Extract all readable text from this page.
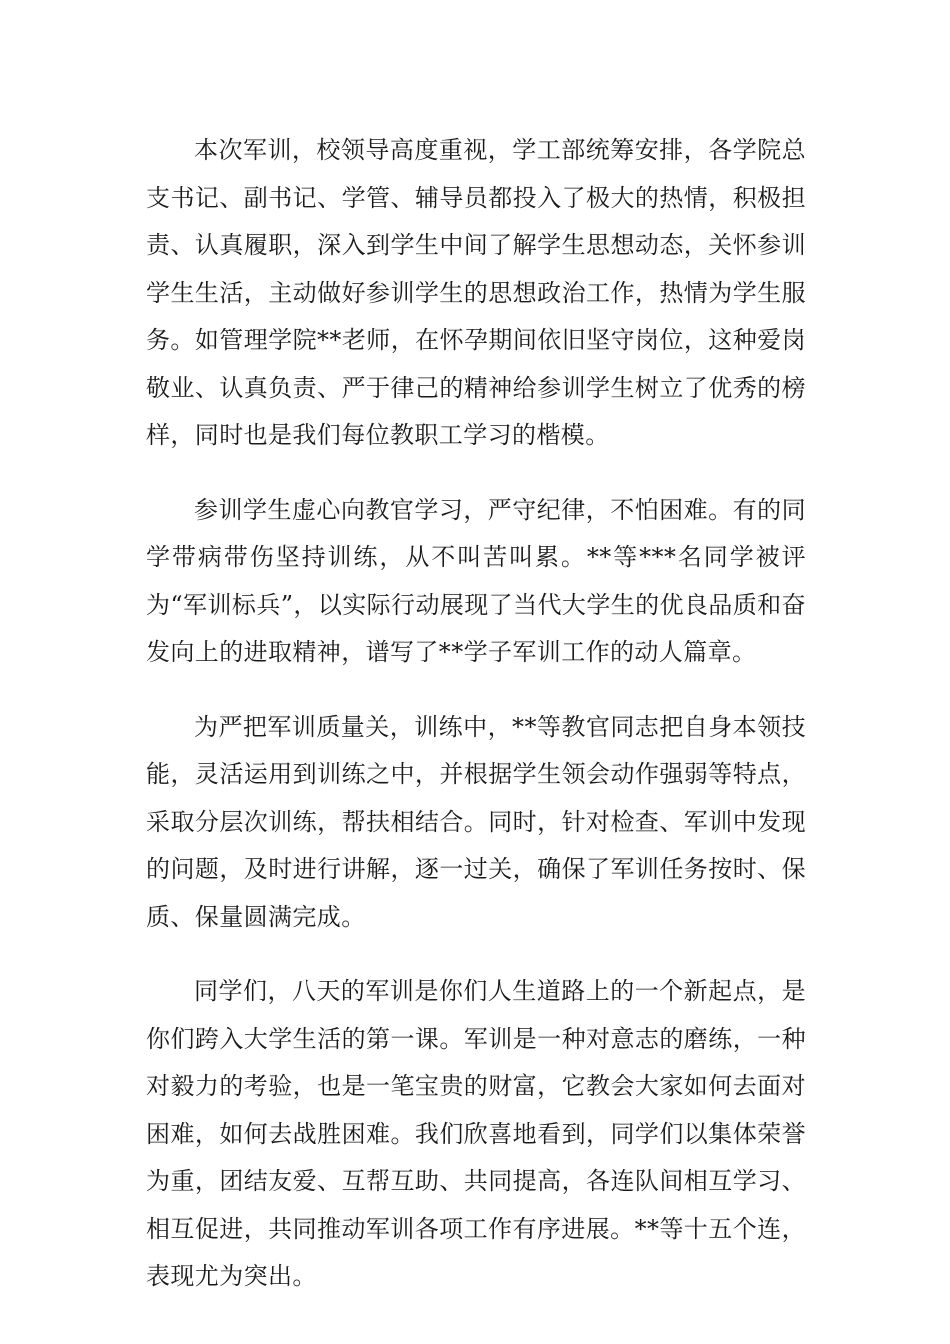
本次军训，校领导高度重视，学工部统筹安排，各学院总支书记、副书记、学管、辅导员都投入了极大的热情，积极担责、认真履职，深入到学生中间了解学生思想动态，关怀参训学生生活，主动做好参训学生的思想政治工作，热情为学生服务。如管理学院**老师，在怀孕期间依旧坚守岗位，这种爱岗敬业、认真负责、严于律己的精神给参训学生树立了优秀的榜样，同时也是我们每位教职工学习的楷模。

参训学生虚心向教官学习，严守纪律，不怕困难。有的同学带病带伤坚持训练，从不叫苦叫累。**等***名同学被评为“军训标兵”，以实际行动展现了当代大学生的优良品质和奋发向上的进取精神，谱写了**学子军训工作的动人篇章。

为严把军训质量关，训练中，**等教官同志把自身本领技能，灵活运用到训练之中，并根据学生领会动作强弱等特点，采取分层次训练，帮扶相结合。同时，针对检查、军训中发现的问题，及时进行讲解，逐一过关，确保了军训任务按时、保质、保量圆满完成。

同学们，八天的军训是你们人生道路上的一个新起点，是你们跨入大学生活的第一课。军训是一种对意志的磨练，一种对毅力的考验，也是一笔宝贵的财富，它教会大家如何去面对困难，如何去战胜困难。我们欣喜地看到，同学们以集体荣誉为重，团结友爱、互帮互助、共同提高，各连队间相互学习、相互促进，共同推动军训各项工作有序进展。**等十五个连，表现尤为突出。
